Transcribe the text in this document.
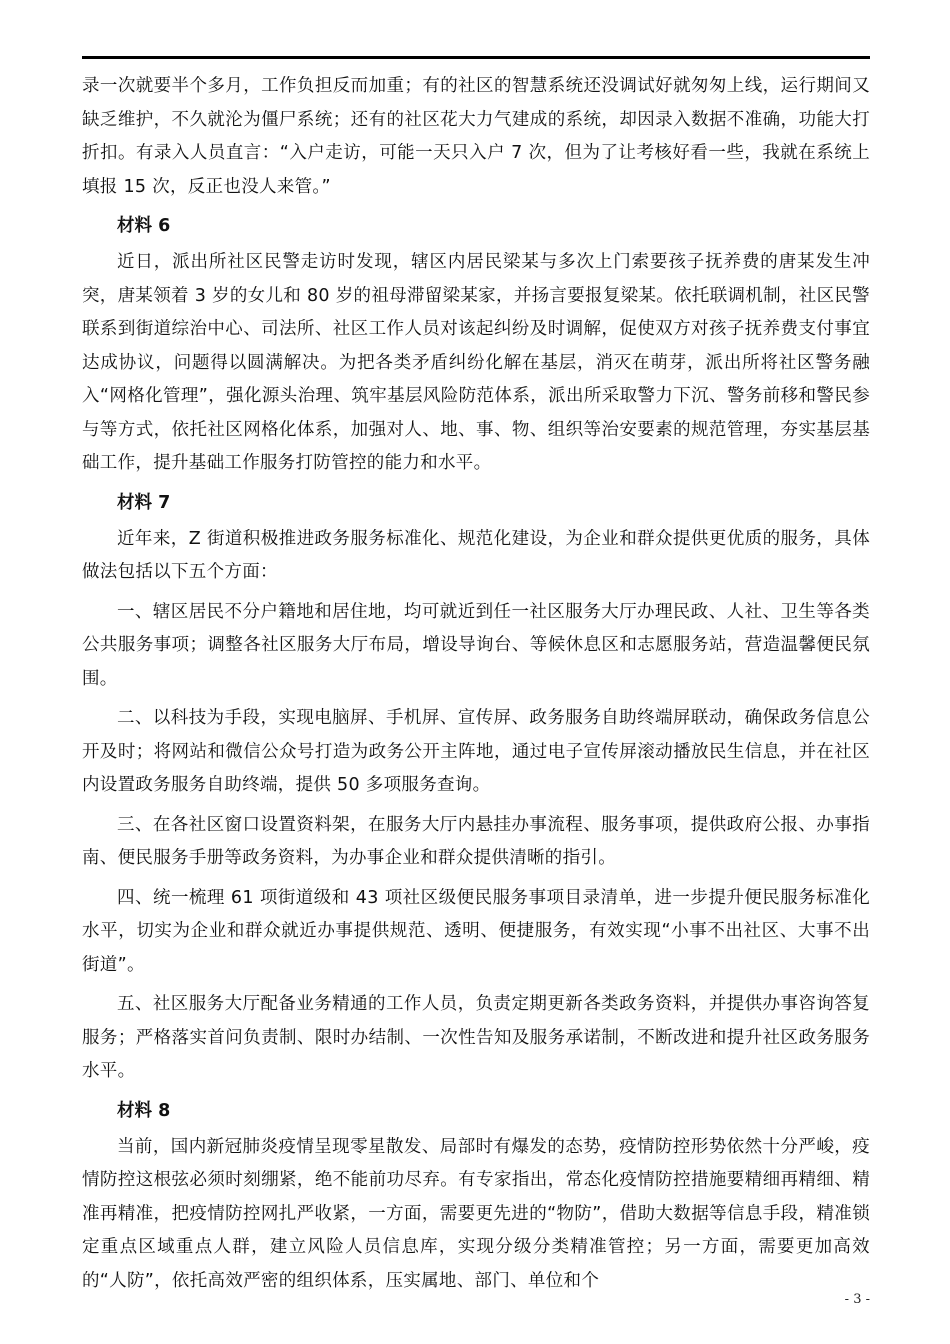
录一次就要半个多月，工作负担反而加重；有的社区的智慧系统还没调试好就匆匆上线，运行期间又缺乏维护，不久就沦为僵尸系统；还有的社区花大力气建成的系统，却因录入数据不准确，功能大打折扣。有录入人员直言：“入户走访，可能一天只入户 7 次，但为了让考核好看一些，我就在系统上填报 15 次，反正也没人来管。”

材料 6

近日，派出所社区民警走访时发现，辖区内居民梁某与多次上门索要孩子抚养费的唐某发生冲突，唐某领着 3 岁的女儿和 80 岁的祖母滞留梁某家，并扬言要报复梁某。依托联调机制，社区民警联系到街道综治中心、司法所、社区工作人员对该起纠纷及时调解，促使双方对孩子抚养费支付事宜达成协议，问题得以圆满解决。为把各类矛盾纠纷化解在基层，消灭在萌芽，派出所将社区警务融入“网格化管理”，强化源头治理、筑牢基层风险防范体系，派出所采取警力下沉、警务前移和警民参与等方式，依托社区网格化体系，加强对人、地、事、物、组织等治安要素的规范管理，夯实基层基础工作，提升基础工作服务打防管控的能力和水平。

材料 7

近年来，Z 街道积极推进政务服务标准化、规范化建设，为企业和群众提供更优质的服务，具体做法包括以下五个方面：

一、辖区居民不分户籍地和居住地，均可就近到任一社区服务大厅办理民政、人社、卫生等各类公共服务事项；调整各社区服务大厅布局，增设导询台、等候休息区和志愿服务站，营造温馨便民氛围。

二、以科技为手段，实现电脑屏、手机屏、宣传屏、政务服务自助终端屏联动，确保政务信息公开及时；将网站和微信公众号打造为政务公开主阵地，通过电子宣传屏滚动播放民生信息，并在社区内设置政务服务自助终端，提供 50 多项服务查询。

三、在各社区窗口设置资料架，在服务大厅内悬挂办事流程、服务事项，提供政府公报、办事指南、便民服务手册等政务资料，为办事企业和群众提供清晰的指引。

四、统一梳理 61 项街道级和 43 项社区级便民服务事项目录清单，进一步提升便民服务标准化水平，切实为企业和群众就近办事提供规范、透明、便捷服务，有效实现“小事不出社区、大事不出街道”。

五、社区服务大厅配备业务精通的工作人员，负责定期更新各类政务资料，并提供办事咨询答复服务；严格落实首问负责制、限时办结制、一次性告知及服务承诺制，不断改进和提升社区政务服务水平。

材料 8

当前，国内新冠肺炎疫情呈现零星散发、局部时有爆发的态势，疫情防控形势依然十分严峻，疫情防控这根弦必须时刻绷紧，绝不能前功尽弃。有专家指出，常态化疫情防控措施要精细再精细、精准再精准，把疫情防控网扎严收紧，一方面，需要更先进的“物防”，借助大数据等信息手段，精准锁定重点区域重点人群，建立风险人员信息库，实现分级分类精准管控；另一方面，需要更加高效的“人防”，依托高效严密的组织体系，压实属地、部门、单位和个

- 3 -
